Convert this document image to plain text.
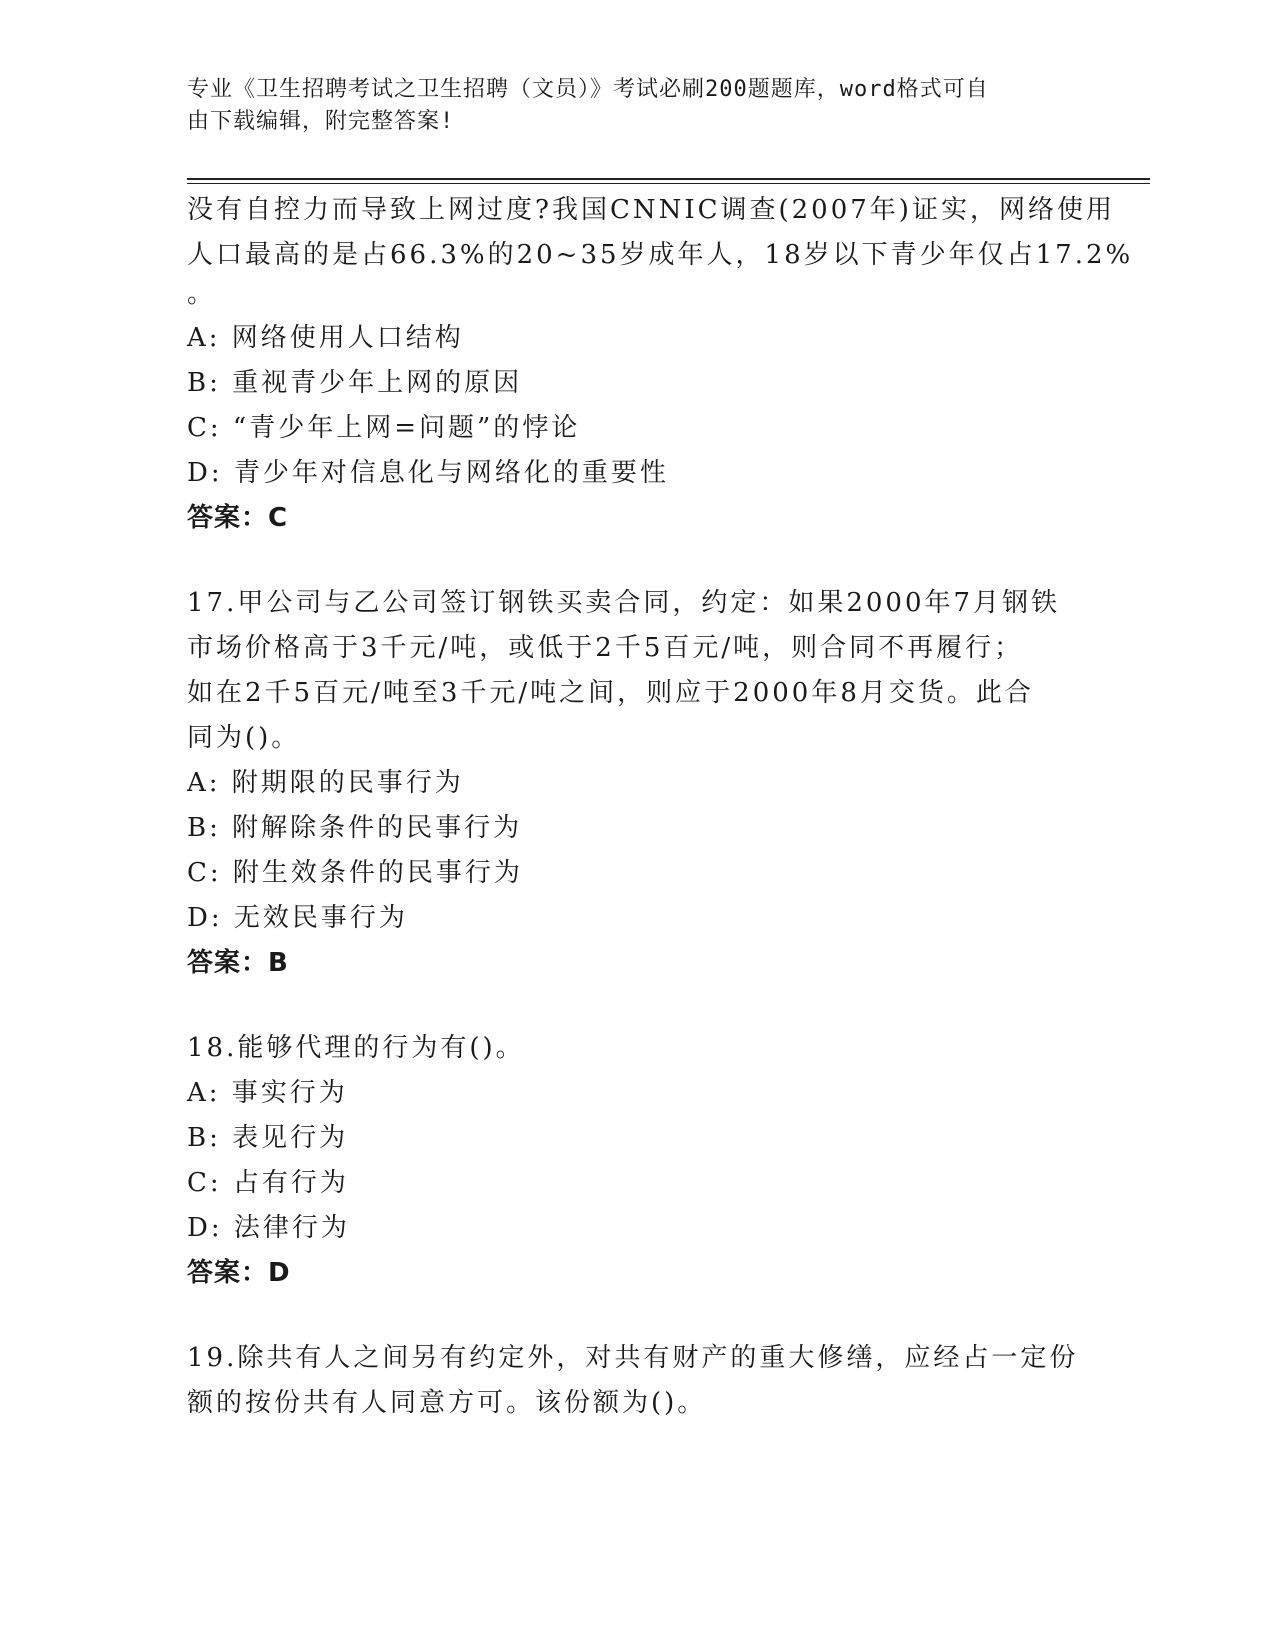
专业《卫生招聘考试之卫生招聘（文员）》考试必刷200题题库，word格式可自
由下载编辑，附完整答案!
没有自控力而导致上网过度?我国CNNIC调查(2007年)证实，网络使用
人口最高的是占66.3%的20~35岁成年人，18岁以下青少年仅占17.2%
。
A: 网络使用人口结构
B: 重视青少年上网的原因
C: “青少年上网=问题”的悖论
D: 青少年对信息化与网络化的重要性
答案：C
17.甲公司与乙公司签订钢铁买卖合同，约定：如果2000年7月钢铁
市场价格高于3千元/吨，或低于2千5百元/吨，则合同不再履行；
如在2千5百元/吨至3千元/吨之间，则应于2000年8月交货。此合
同为()。
A: 附期限的民事行为
B: 附解除条件的民事行为
C: 附生效条件的民事行为
D: 无效民事行为
答案：B
18.能够代理的行为有()。
A: 事实行为
B: 表见行为
C: 占有行为
D: 法律行为
答案：D
19.除共有人之间另有约定外，对共有财产的重大修缮，应经占一定份
额的按份共有人同意方可。该份额为()。
